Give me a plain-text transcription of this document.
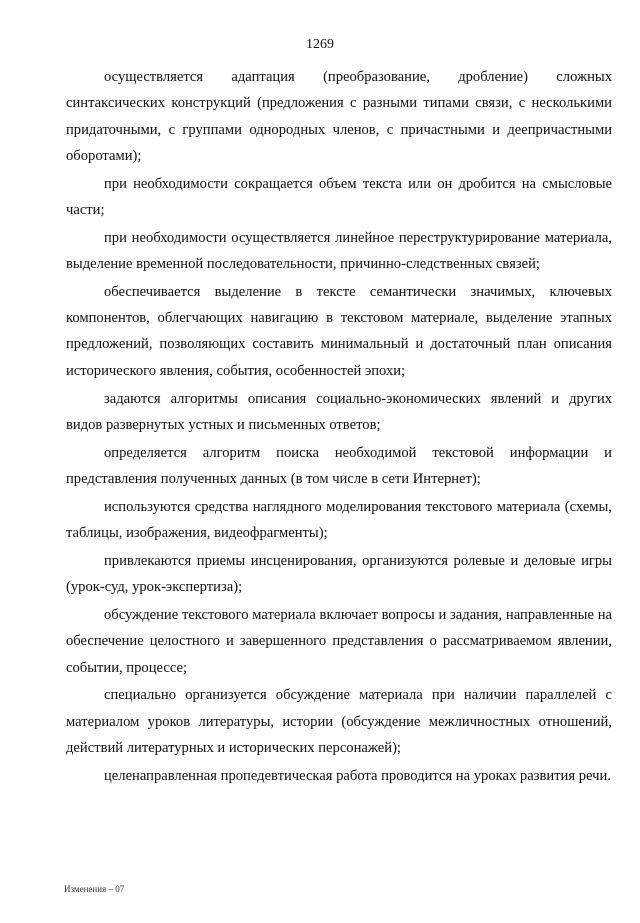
1269

осуществляется адаптация (преобразование, дробление) сложных синтаксических конструкций (предложения с разными типами связи, с несколькими придаточными, с группами однородных членов, с причастными и деепричастными оборотами);

при необходимости сокращается объем текста или он дробится на смысловые части;

при необходимости осуществляется линейное переструктурирование материала, выделение временной последовательности, причинно-следственных связей;

обеспечивается выделение в тексте семантически значимых, ключевых компонентов, облегчающих навигацию в текстовом материале, выделение этапных предложений, позволяющих составить минимальный и достаточный план описания исторического явления, события, особенностей эпохи;

задаются алгоритмы описания социально-экономических явлений и других видов развернутых устных и письменных ответов;

определяется алгоритм поиска необходимой текстовой информации и представления полученных данных (в том числе в сети Интернет);

используются средства наглядного моделирования текстового материала (схемы, таблицы, изображения, видеофрагменты);

привлекаются приемы инсценирования, организуются ролевые и деловые игры (урок-суд, урок-экспертиза);

обсуждение текстового материала включает вопросы и задания, направленные на обеспечение целостного и завершенного представления о рассматриваемом явлении, событии, процессе;

специально организуется обсуждение материала при наличии параллелей с материалом уроков литературы, истории (обсуждение межличностных отношений, действий литературных и исторических персонажей);

целенаправленная пропедевтическая работа проводится на уроках развития речи.

Изменения – 07
